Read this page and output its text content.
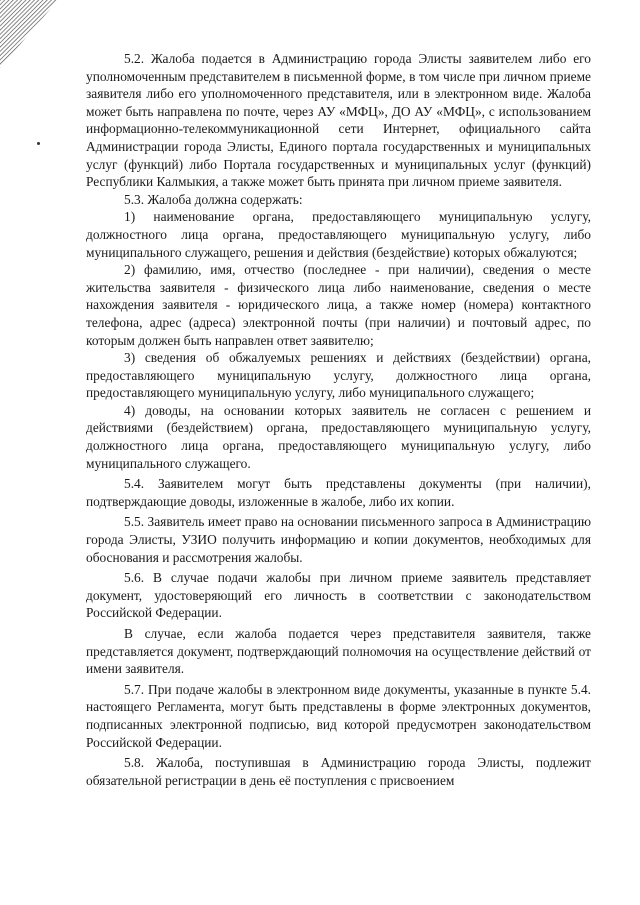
5.2. Жалоба подается в Администрацию города Элисты заявителем либо его уполномоченным представителем в письменной форме, в том числе при личном приеме заявителя либо его уполномоченного представителя, или в электронном виде. Жалоба может быть направлена по почте, через АУ «МФЦ», ДО АУ «МФЦ», с использованием информационно-телекоммуникационной сети Интернет, официального сайта Администрации города Элисты, Единого портала государственных и муниципальных услуг (функций) либо Портала государственных и муниципальных услуг (функций) Республики Калмыкия, а также может быть принята при личном приеме заявителя.

5.3. Жалоба должна содержать:

1) наименование органа, предоставляющего муниципальную услугу, должностного лица органа, предоставляющего муниципальную услугу, либо муниципального служащего, решения и действия (бездействие) которых обжалуются;

2) фамилию, имя, отчество (последнее - при наличии), сведения о месте жительства заявителя - физического лица либо наименование, сведения о месте нахождения заявителя - юридического лица, а также номер (номера) контактного телефона, адрес (адреса) электронной почты (при наличии) и почтовый адрес, по которым должен быть направлен ответ заявителю;

3) сведения об обжалуемых решениях и действиях (бездействии) органа, предоставляющего муниципальную услугу, должностного лица органа, предоставляющего муниципальную услугу, либо муниципального служащего;

4) доводы, на основании которых заявитель не согласен с решением и действиями (бездействием) органа, предоставляющего муниципальную услугу, должностного лица органа, предоставляющего муниципальную услугу, либо муниципального служащего.

5.4. Заявителем могут быть представлены документы (при наличии), подтверждающие доводы, изложенные в жалобе, либо их копии.

5.5. Заявитель имеет право на основании письменного запроса в Администрацию города Элисты, УЗИО получить информацию и копии документов, необходимых для обоснования и рассмотрения жалобы.

5.6. В случае подачи жалобы при личном приеме заявитель представляет документ, удостоверяющий его личность в соответствии с законодательством Российской Федерации.

В случае, если жалоба подается через представителя заявителя, также представляется документ, подтверждающий полномочия на осуществление действий от имени заявителя.

5.7. При подаче жалобы в электронном виде документы, указанные в пункте 5.4. настоящего Регламента, могут быть представлены в форме электронных документов, подписанных электронной подписью, вид которой предусмотрен законодательством Российской Федерации.

5.8. Жалоба, поступившая в Администрацию города Элисты, подлежит обязательной регистрации в день её поступления с присвоением
